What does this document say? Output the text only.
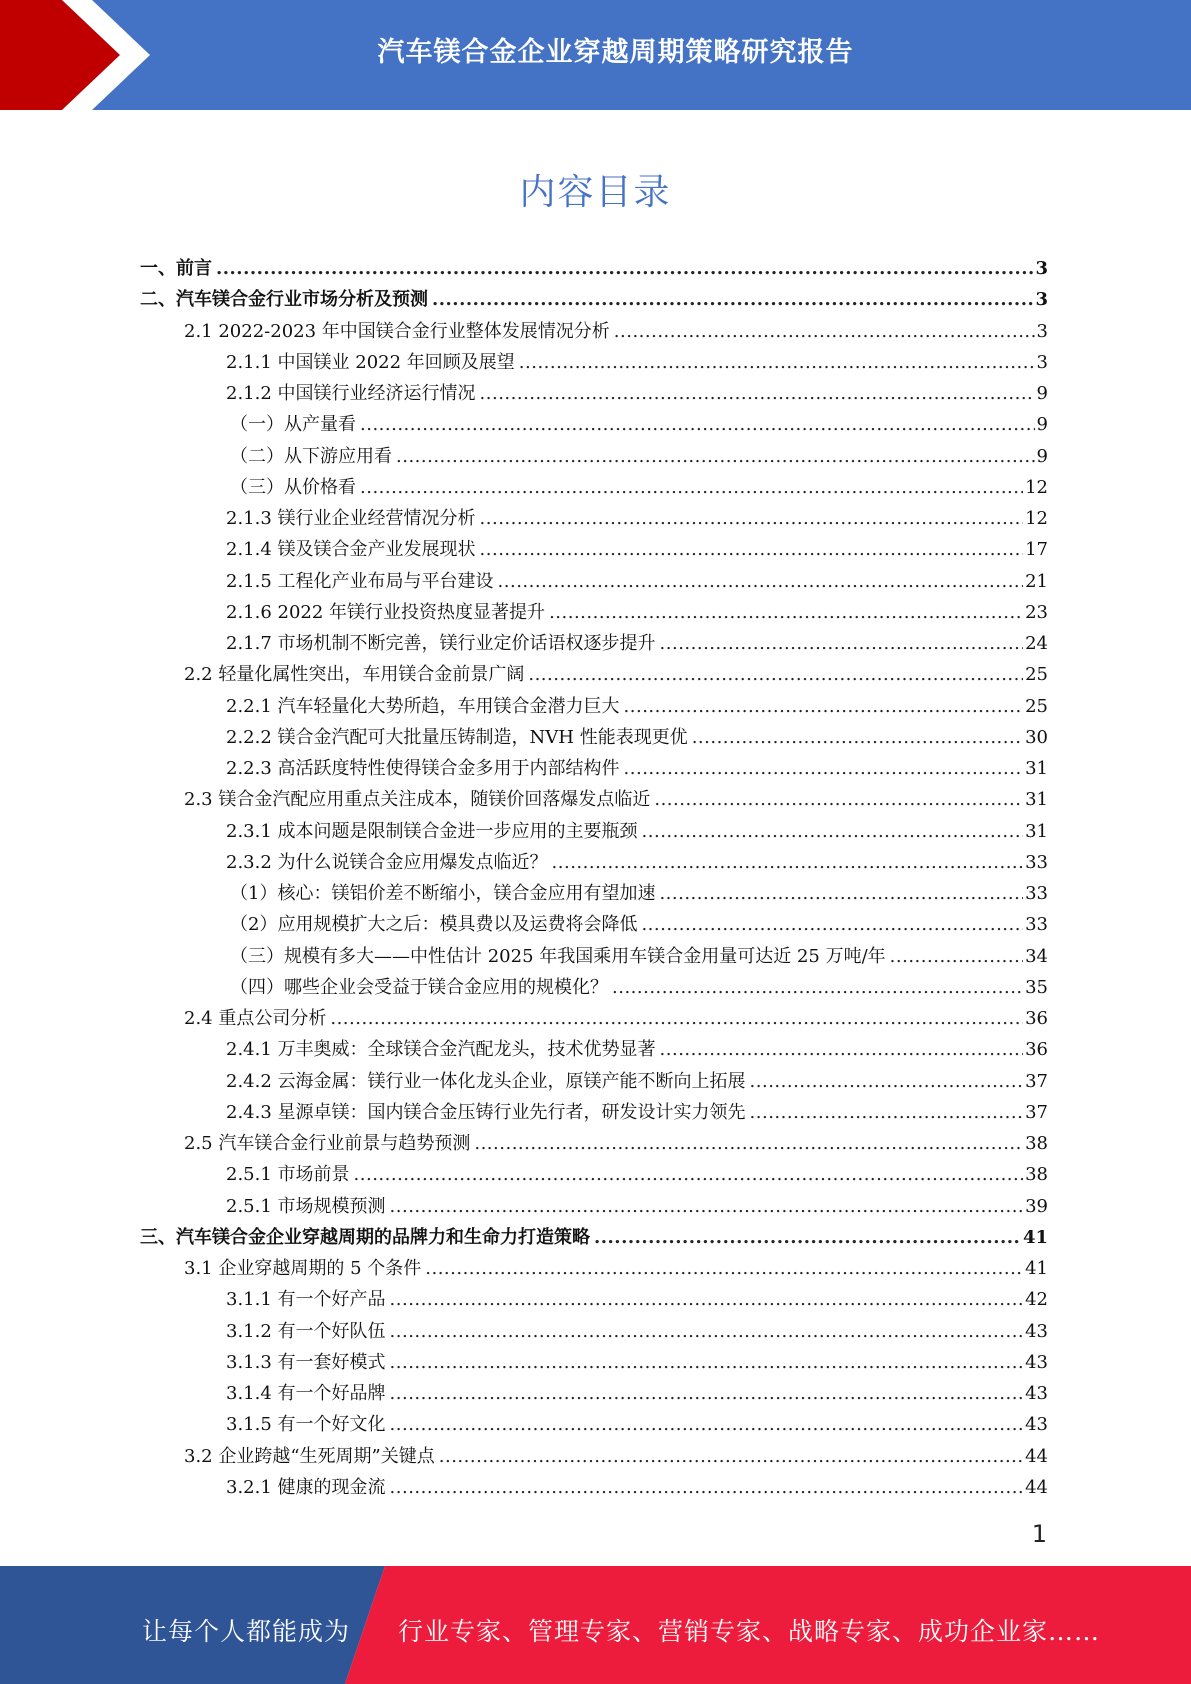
汽车镁合金企业穿越周期策略研究报告
内容目录
一、前言 .....	3
二、汽车镁合金行业市场分析及预测 .....	3
2.1 2022-2023 年中国镁合金行业整体发展情况分析 .....	3
2.1.1 中国镁业 2022 年回顾及展望 .....	3
2.1.2 中国镁行业经济运行情况 .....	9
（一）从产量看 .....	9
（二）从下游应用看 .....	9
（三）从价格看 .....	12
2.1.3 镁行业企业经营情况分析 .....	12
2.1.4 镁及镁合金产业发展现状 .....	17
2.1.5 工程化产业布局与平台建设 .....	21
2.1.6 2022 年镁行业投资热度显著提升 .....	23
2.1.7 市场机制不断完善，镁行业定价话语权逐步提升 .....	24
2.2 轻量化属性突出，车用镁合金前景广阔 .....	25
2.2.1 汽车轻量化大势所趋，车用镁合金潜力巨大 .....	25
2.2.2 镁合金汽配可大批量压铸制造，NVH 性能表现更优 .....	30
2.2.3 高活跃度特性使得镁合金多用于内部结构件 .....	31
2.3 镁合金汽配应用重点关注成本，随镁价回落爆发点临近 .....	31
2.3.1 成本问题是限制镁合金进一步应用的主要瓶颈 .....	31
2.3.2 为什么说镁合金应用爆发点临近？ .....	33
（1）核心：镁铝价差不断缩小，镁合金应用有望加速 .....	33
（2）应用规模扩大之后：模具费以及运费将会降低 .....	33
（三）规模有多大——中性估计 2025 年我国乘用车镁合金用量可达近 25 万吨/年 .....	34
（四）哪些企业会受益于镁合金应用的规模化？ .....	35
2.4 重点公司分析 .....	36
2.4.1 万丰奥威：全球镁合金汽配龙头，技术优势显著 .....	36
2.4.2 云海金属：镁行业一体化龙头企业，原镁产能不断向上拓展 .....	37
2.4.3 星源卓镁：国内镁合金压铸行业先行者，研发设计实力领先 .....	37
2.5 汽车镁合金行业前景与趋势预测 .....	38
2.5.1 市场前景 .....	38
2.5.1 市场规模预测 .....	39
三、汽车镁合金企业穿越周期的品牌力和生命力打造策略 .....	41
3.1 企业穿越周期的 5 个条件 .....	41
3.1.1 有一个好产品 .....	42
3.1.2 有一个好队伍 .....	43
3.1.3 有一套好模式 .....	43
3.1.4 有一个好品牌 .....	43
3.1.5 有一个好文化 .....	43
3.2 企业跨越“生死周期”关键点 .....	44
3.2.1 健康的现金流 .....	44
1
让每个人都能成为 行业专家、管理专家、营销专家、战略专家、成功企业家……
